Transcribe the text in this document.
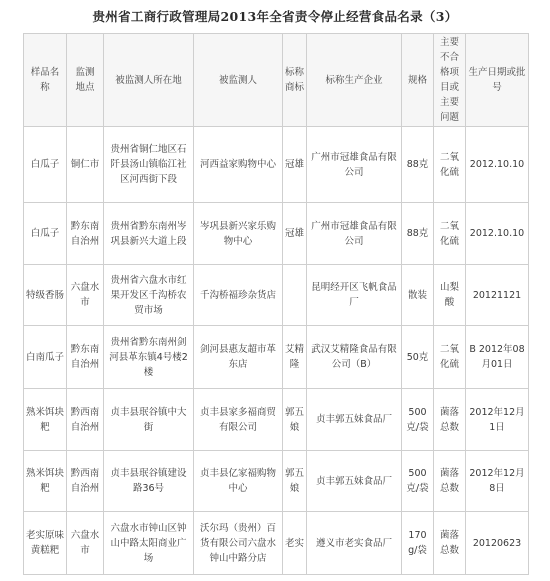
贵州省工商行政管理局2013年全省责令停止经营食品名录（3）
样品名称	监测地点	被监测人所在地	被监测人	标称商标	标称生产企业	规格	主要不合格项目或主要问题	生产日期或批号
白瓜子	铜仁市	贵州省铜仁地区石阡县汤山镇临江社区河西街下段	河西益家购物中心	冠雄	广州市冠雄食品有限公司	88克	二氧化硫	2012.10.10
白瓜子	黔东南自治州	贵州省黔东南州岑巩县新兴大道上段	岑巩县新兴家乐购物中心	冠雄	广州市冠雄食品有限公司	88克	二氧化硫	2012.10.10
特级香肠	六盘水市	贵州省六盘水市红果开发区千沟桥农贸市场	千沟桥福珍杂货店		昆明经开区飞帆食品厂	散装	山梨酸	20121121
白南瓜子	黔东南自治州	贵州省黔东南州剑河县革东镇4号楼2楼	剑河县惠友超市革东店	艾精隆	武汉艾精隆食品有限公司（B）	50克	二氧化硫	B 2012年08月01日
熟米饵块粑	黔西南自治州	贞丰县珉谷镇中大街	贞丰县家多福商贸有限公司	郭五娘	贞丰郭五妹食品厂	500克/袋	菌落总数	2012年12月1日
熟米饵块粑	黔西南自治州	贞丰县珉谷镇建设路36号	贞丰县亿家福购物中心	郭五娘	贞丰郭五妹食品厂	500克/袋	菌落总数	2012年12月8日
老实原味黄糕粑	六盘水市	六盘水市钟山区钟山中路太阳商业广场	沃尔玛（贵州）百货有限公司六盘水钟山中路分店	老实	遵义市老实食品厂	170g/袋	菌落总数	20120623
